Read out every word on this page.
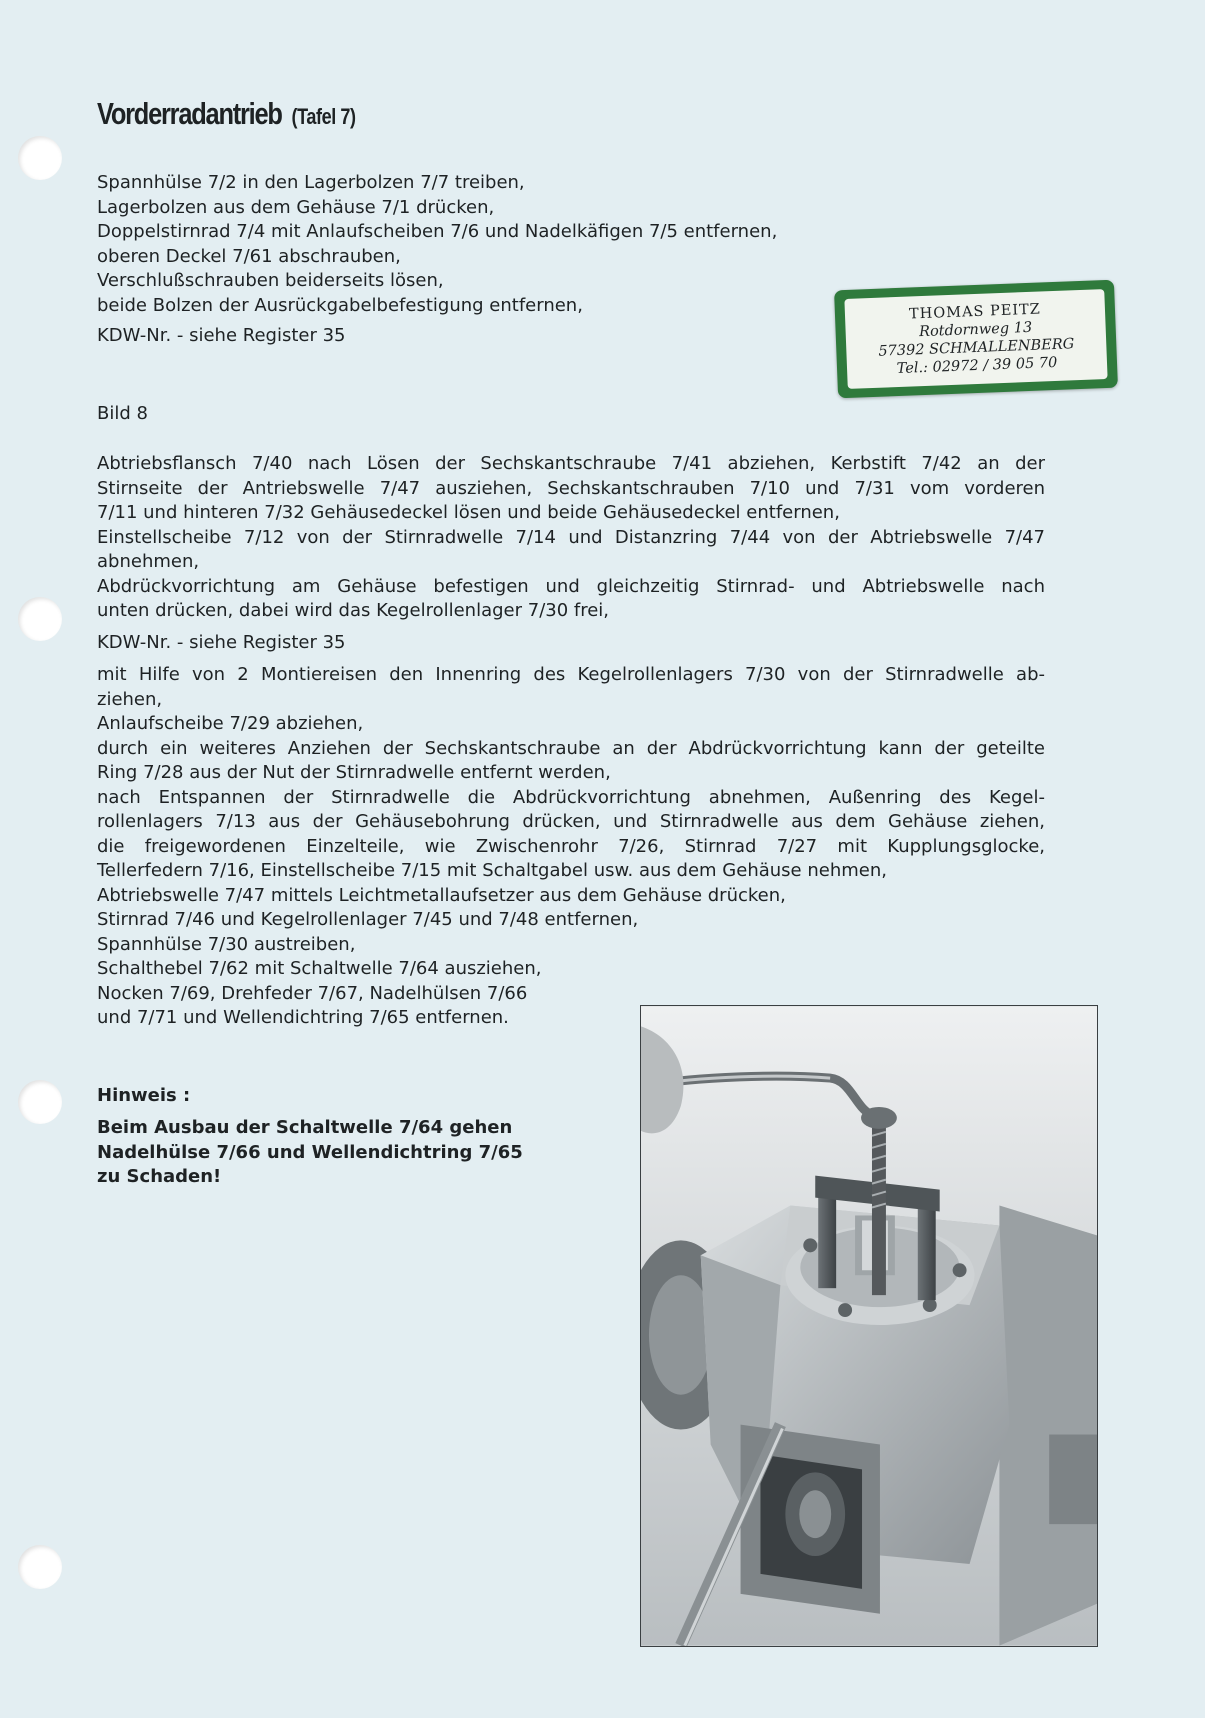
Vorderradantrieb (Tafel 7)

Spannhülse 7/2 in den Lagerbolzen 7/7 treiben,

Lagerbolzen aus dem Gehäuse 7/1 drücken,

Doppelstirnrad 7/4 mit Anlaufscheiben 7/6 und Nadelkäfigen 7/5 entfernen,

oberen Deckel 7/61 abschrauben,

Verschlußschrauben beiderseits lösen,

beide Bolzen der Ausrückgabelbefestigung entfernen,

KDW-Nr. - siehe Register 35

THOMAS PEITZ
Rotdornweg 13
57392 SCHMALLENBERG
Tel.: 02972 / 39 05 70
Bild 8

Abtriebsflansch 7/40 nach Lösen der Sechskantschraube 7/41 abziehen, Kerbstift 7/42 an der

Stirnseite der Antriebswelle 7/47 ausziehen, Sechskantschrauben 7/10 und 7/31 vom vorderen

7/11 und hinteren 7/32 Gehäusedeckel lösen und beide Gehäusedeckel entfernen,

Einstellscheibe 7/12 von der Stirnradwelle 7/14 und Distanzring 7/44 von der Abtriebswelle 7/47

abnehmen,

Abdrückvorrichtung am Gehäuse befestigen und gleichzeitig Stirnrad- und Abtriebswelle nach

unten drücken, dabei wird das Kegelrollenlager 7/30 frei,

KDW-Nr. - siehe Register 35

mit Hilfe von 2 Montiereisen den Innenring des Kegelrollenlagers 7/30 von der Stirnradwelle ab-

ziehen,

Anlaufscheibe 7/29 abziehen,

durch ein weiteres Anziehen der Sechskantschraube an der Abdrückvorrichtung kann der geteilte

Ring 7/28 aus der Nut der Stirnradwelle entfernt werden,

nach Entspannen der Stirnradwelle die Abdrückvorrichtung abnehmen, Außenring des Kegel-

rollenlagers 7/13 aus der Gehäusebohrung drücken, und Stirnradwelle aus dem Gehäuse ziehen,

die freigewordenen Einzelteile, wie Zwischenrohr 7/26, Stirnrad 7/27 mit Kupplungsglocke,

Tellerfedern 7/16, Einstellscheibe 7/15 mit Schaltgabel usw. aus dem Gehäuse nehmen,

Abtriebswelle 7/47 mittels Leichtmetallaufsetzer aus dem Gehäuse drücken,

Stirnrad 7/46 und Kegelrollenlager 7/45 und 7/48 entfernen,

Spannhülse 7/30 austreiben,

Schalthebel 7/62 mit Schaltwelle 7/64 ausziehen,

Nocken 7/69, Drehfeder 7/67, Nadelhülsen 7/66

und 7/71 und Wellendichtring 7/65 entfernen.

Hinweis :

Beim Ausbau der Schaltwelle 7/64 gehen

Nadelhülse 7/66 und Wellendichtring 7/65

zu Schaden!
